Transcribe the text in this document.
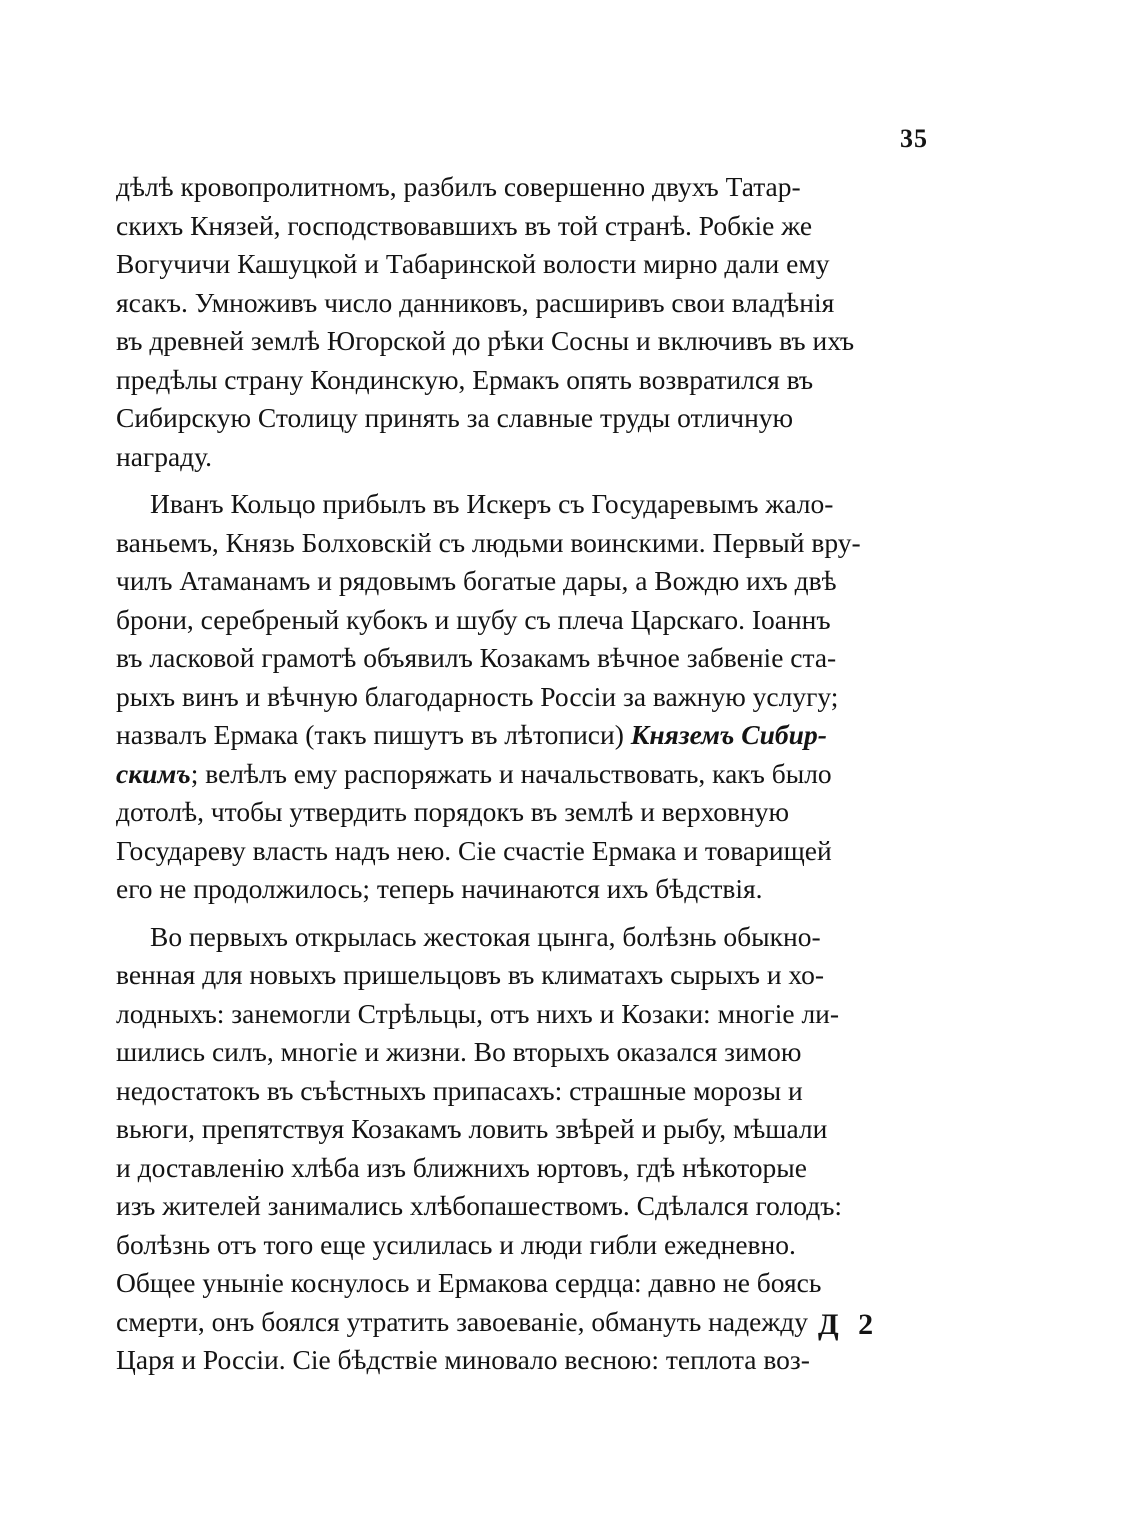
35
дѣлѣ кровопролитномъ, разбилъ совершенно двухъ Татар-
скихъ Князей, господствовавшихъ въ той странѣ. Робкіе же
Вогучичи Кашуцкой и Табаринской волости мирно дали ему
ясакъ. Умноживъ число данниковъ, расширивъ свои владѣнія
въ древней землѣ Югорской до рѣки Сосны и включивъ въ ихъ
предѣлы страну Кондинскую, Ермакъ опять возвратился въ
Сибирскую Столицу принять за славные труды отличную
награду.
Иванъ Кольцо прибылъ въ Искеръ съ Государевымъ жало-
ваньемъ, Князь Болховскій съ людьми воинскими. Первый вру-
чилъ Атаманамъ и рядовымъ богатые дары, а Вождю ихъ двѣ
брони, серебреный кубокъ и шубу съ плеча Царскаго. Іоаннъ
въ ласковой грамотѣ объявилъ Козакамъ вѣчное забвеніе ста-
рыхъ винъ и вѣчную благодарность Россіи за важную услугу;
назвалъ Ермака (такъ пишутъ въ лѣтописи) Княземъ Сибир-
скимъ; велѣлъ ему распоряжать и начальствовать, какъ было
дотолѣ, чтобы утвердить порядокъ въ землѣ и верховную
Государеву власть надъ нею. Сіе счастіе Ермака и товарищей
его не продолжилось; теперь начинаются ихъ бѣдствія.
Во первыхъ открылась жестокая цынга, болѣзнь обыкно-
венная для новыхъ пришельцовъ въ климатахъ сырыхъ и хо-
лодныхъ: занемогли Стрѣльцы, отъ нихъ и Козаки: многіе ли-
шились силъ, многіе и жизни. Во вторыхъ оказался зимою
недостатокъ въ съѣстныхъ припасахъ: страшные морозы и
вьюги, препятствуя Козакамъ ловить звѣрей и рыбу, мѣшали
и доставленію хлѣба изъ ближнихъ юртовъ, гдѣ нѣкоторые
изъ жителей занимались хлѣбопашествомъ. Сдѣлался голодъ:
болѣзнь отъ того еще усилилась и люди гибли ежедневно.
Общее уныніе коснулось и Ермакова сердца: давно не боясь
смерти, онъ боялся утратить завоеваніе, обмануть надежду
Царя и Россіи. Сіе бѣдствіе миновало весною: теплота воз-
Д 2
